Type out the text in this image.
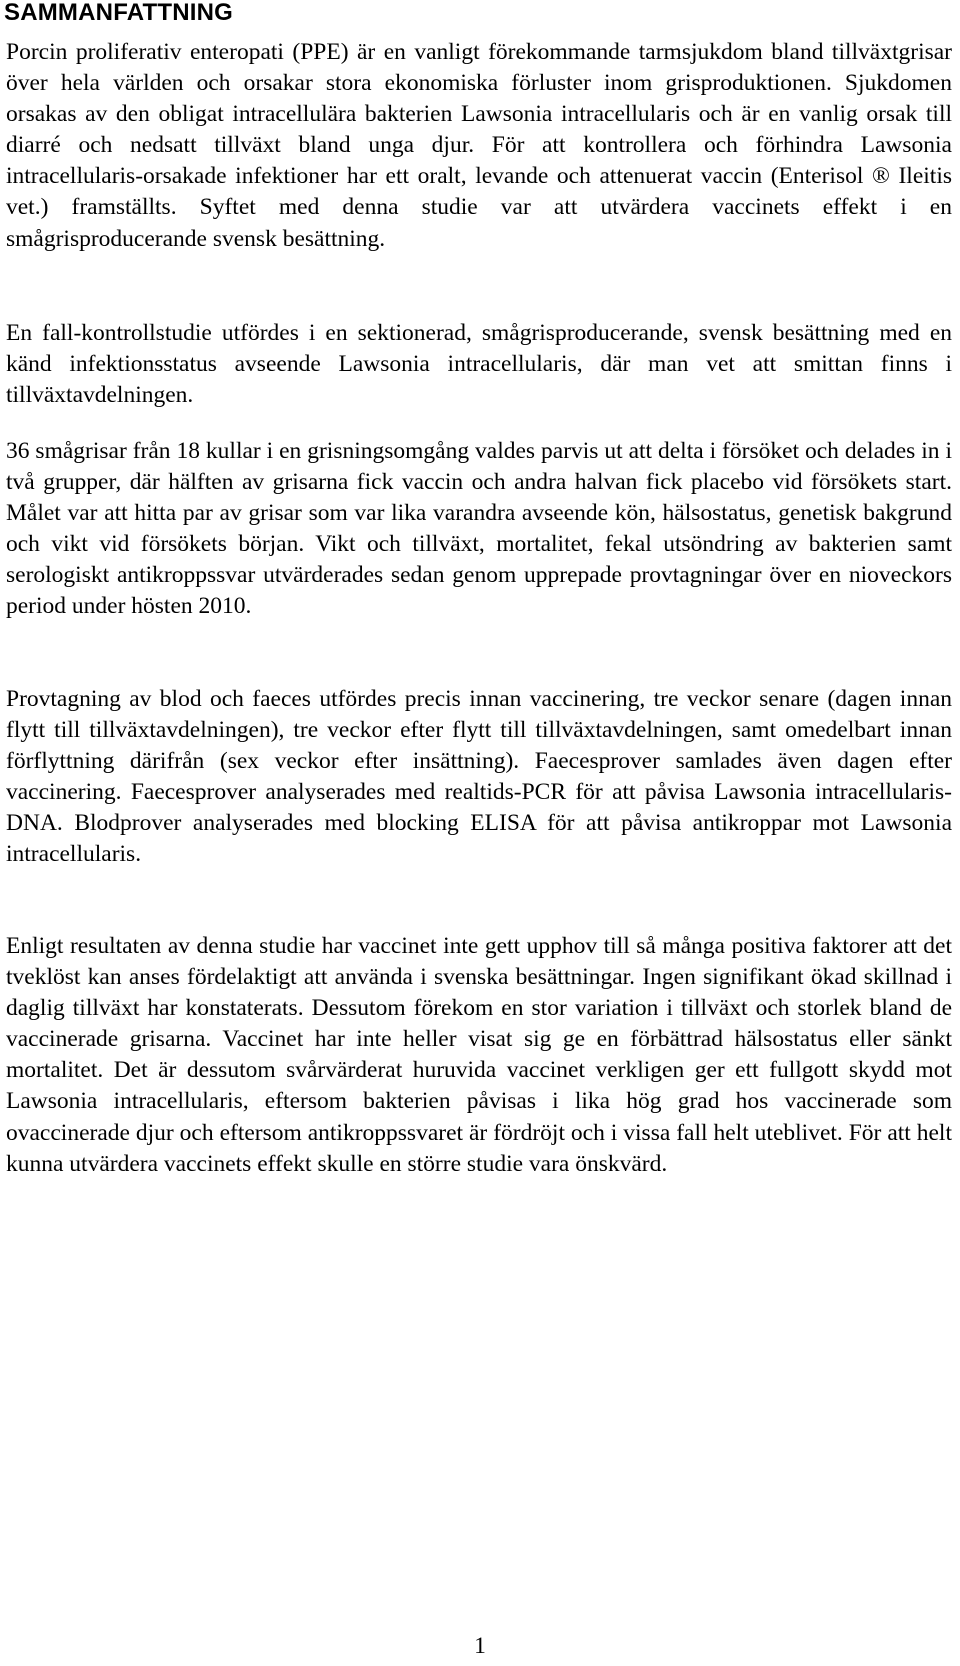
SAMMANFATTNING

Porcin proliferativ enteropati (PPE) är en vanligt förekommande tarmsjukdom bland tillväxtgrisar över hela världen och orsakar stora ekonomiska förluster inom grisproduktionen. Sjukdomen orsakas av den obligat intracellulära bakterien Lawsonia intracellularis och är en vanlig orsak till diarré och nedsatt tillväxt bland unga djur. För att kontrollera och förhindra Lawsonia intracellularis-orsakade infektioner har ett oralt, levande och attenuerat vaccin (Enterisol ® Ileitis vet.) framställts. Syftet med denna studie var att utvärdera vaccinets effekt i en smågrisproducerande svensk besättning.

En fall-kontrollstudie utfördes i en sektionerad, smågrisproducerande, svensk besättning med en känd infektionsstatus avseende Lawsonia intracellularis, där man vet att smittan finns i tillväxtavdelningen.

36 smågrisar från 18 kullar i en grisningsomgång valdes parvis ut att delta i försöket och delades in i två grupper, där hälften av grisarna fick vaccin och andra halvan fick placebo vid försökets start. Målet var att hitta par av grisar som var lika varandra avseende kön, hälsostatus, genetisk bakgrund och vikt vid försökets början. Vikt och tillväxt, mortalitet, fekal utsöndring av bakterien samt serologiskt antikroppssvar utvärderades sedan genom upprepade provtagningar över en nioveckors period under hösten 2010.

Provtagning av blod och faeces utfördes precis innan vaccinering, tre veckor senare (dagen innan flytt till tillväxtavdelningen), tre veckor efter flytt till tillväxtavdelningen, samt omedelbart innan förflyttning därifrån (sex veckor efter insättning). Faecesprover samlades även dagen efter vaccinering. Faecesprover analyserades med realtids-PCR för att påvisa Lawsonia intracellularis-DNA. Blodprover analyserades med blocking ELISA för att påvisa antikroppar mot Lawsonia intracellularis.

Enligt resultaten av denna studie har vaccinet inte gett upphov till så många positiva faktorer att det tveklöst kan anses fördelaktigt att använda i svenska besättningar. Ingen signifikant ökad skillnad i daglig tillväxt har konstaterats. Dessutom förekom en stor variation i tillväxt och storlek bland de vaccinerade grisarna. Vaccinet har inte heller visat sig ge en förbättrad hälsostatus eller sänkt mortalitet. Det är dessutom svårvärderat huruvida vaccinet verkligen ger ett fullgott skydd mot Lawsonia intracellularis, eftersom bakterien påvisas i lika hög grad hos vaccinerade som ovaccinerade djur och eftersom antikroppssvaret är fördröjt och i vissa fall helt uteblivet. För att helt kunna utvärdera vaccinets effekt skulle en större studie vara önskvärd.

1
